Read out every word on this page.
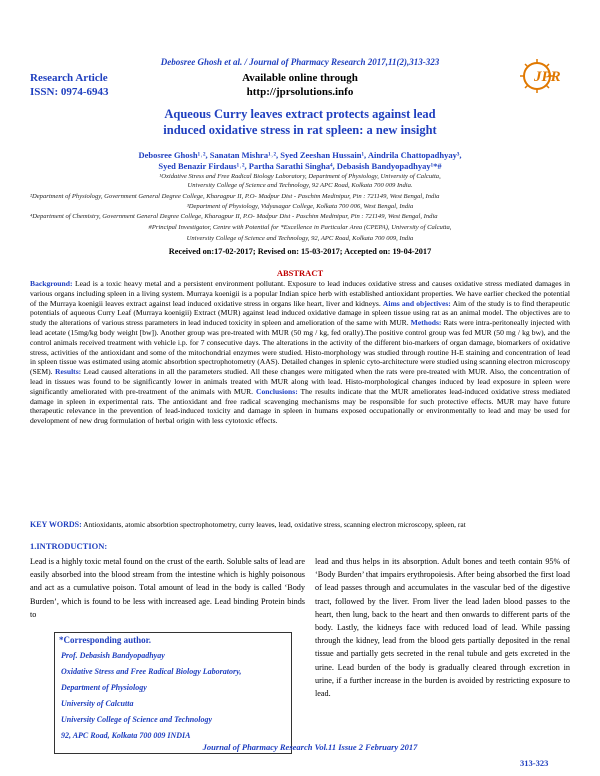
Debosree Ghosh et al. / Journal of Pharmacy Research 2017,11(2),313-323
Research Article
ISSN: 0974-6943
Available online through
http://jprsolutions.info
JPR
Aqueous Curry leaves extract protects against lead
induced oxidative stress in rat spleen: a new insight
Debosree Ghosh¹˒², Sanatan Mishra¹˒², Syed Zeeshan Hussain¹, Aindrila Chattopadhyay³,
Syed Benazir Firdaus¹˒², Partha Sarathi Singha⁴, Debasish Bandyopadhyay¹*#
¹Oxidative Stress and Free Radical Biology Laboratory, Department of Physiology, University of Calcutta,
University College of Science and Technology, 92 APC Road, Kolkata 700 009 India.
²Department of Physiology, Government General Degree College, Kharagpur II, P.O- Madpur Dist - Paschim Medinipur, Pin : 721149, West Bengal, India
³Department of Physiology, Vidyasagar College, Kolkata 700 006, West Bengal, India
⁴Department of Chemistry, Government General Degree College, Kharagpur II, P.O- Madpur Dist - Paschim Medinipur, Pin : 721149, West Bengal, India
#Principal Investigator, Centre with Potential for *Excellence in Particular Area (CPEPA), University of Calcutta,
University College of Science and Technology, 92, APC Road, Kolkata 700 009, India
Received on:17-02-2017; Revised on: 15-03-2017; Accepted on: 19-04-2017
ABSTRACT
Background: Lead is a toxic heavy metal and a persistent environment pollutant. Exposure to lead induces oxidative stress and causes oxidative stress mediated damages in various organs including spleen in a living system. Murraya koenigii is a popular Indian spice herb with established antioxidant properties. We have earlier checked the potential of the Murraya koenigii leaves extract against lead induced oxidative stress in organs like heart, liver and kidneys. Aims and objectives: Aim of the study is to find therapeutic potentials of aqueous Curry Leaf (Murraya koenigii) Extract (MUR) against lead induced oxidative damage in spleen tissue using rat as an animal model. The objectives are to study the alterations of various stress parameters in lead induced toxicity in spleen and amelioration of the same with MUR. Methods: Rats were intra-peritoneally injected with lead acetate (15mg/kg body weight [bw]). Another group was pre-treated with MUR (50 mg / kg, fed orally).The positive control group was fed MUR (50 mg / kg bw), and the control animals received treatment with vehicle i.p. for 7 consecutive days. The alterations in the activity of the different bio-markers of organ damage, biomarkers of oxidative stress, activities of the antioxidant and some of the mitochondrial enzymes were studied. Histo-morphology was studied through routine H-E staining and concentration of lead in spleen tissue was estimated using atomic absorbtion spectrophotometry (AAS). Detailed changes in splenic cyto-architecture were studied using scanning electron microscopy (SEM). Results: Lead caused alterations in all the parameters studied. All these changes were mitigated when the rats were pre-treated with MUR. Also, the concentration of lead in tissues was found to be significantly lower in animals treated with MUR along with lead. Histo-morphological changes induced by lead exposure in spleen were significantly ameliorated with pre-treatment of the animals with MUR. Conclusions: The results indicate that the MUR ameliorates lead-induced oxidative stress mediated damage in spleen in experimental rats. The antioxidant and free radical scavenging mechanisms may be responsible for such protective effects. MUR may have future therapeutic relevance in the prevention of lead-induced toxicity and damage in spleen in humans exposed occupationally or environmentally to lead and may be used for development of new drug formulation of herbal origin with less cytotoxic effects.
KEY WORDS: Antioxidants, atomic absorbtion spectrophotometry, curry leaves, lead, oxidative stress, scanning electron microscopy, spleen, rat
1.INTRODUCTION:
Lead is a highly toxic metal found on the crust of the earth. Soluble salts of lead are easily absorbed into the blood stream from the intestine which is highly poisonous and act as a cumulative poison. Total amount of lead in the body is called ‘Body Burden’, which is found to be less with increased age. Lead binding Protein binds to
lead and thus helps in its absorption. Adult bones and teeth contain 95% of ‘Body Burden’ that impairs erythropoiesis. After being absorbed the first load of lead passes through and accumulates in the vascular bed of the digestive tract, followed by the liver. From liver the lead laden blood passes to the heart, then lung, back to the heart and then onwards to different parts of the body. Lastly, the kidneys face with reduced load of lead. While passing through the kidney, lead from the blood gets partially deposited in the renal tissue and partially gets secreted in the renal tubule and gets excreted in the urine. Lead burden of the body is gradually cleared through excretion in urine, if a further increase in the burden is avoided by restricting exposure to lead.
*Corresponding author.
Prof. Debasish Bandyopadhyay
Oxidative Stress and Free Radical Biology Laboratory,
Department of Physiology
University of Calcutta
University College of Science and Technology
92, APC Road, Kolkata 700 009 INDIA
Journal of Pharmacy Research Vol.11 Issue 2 February 2017
313-323
